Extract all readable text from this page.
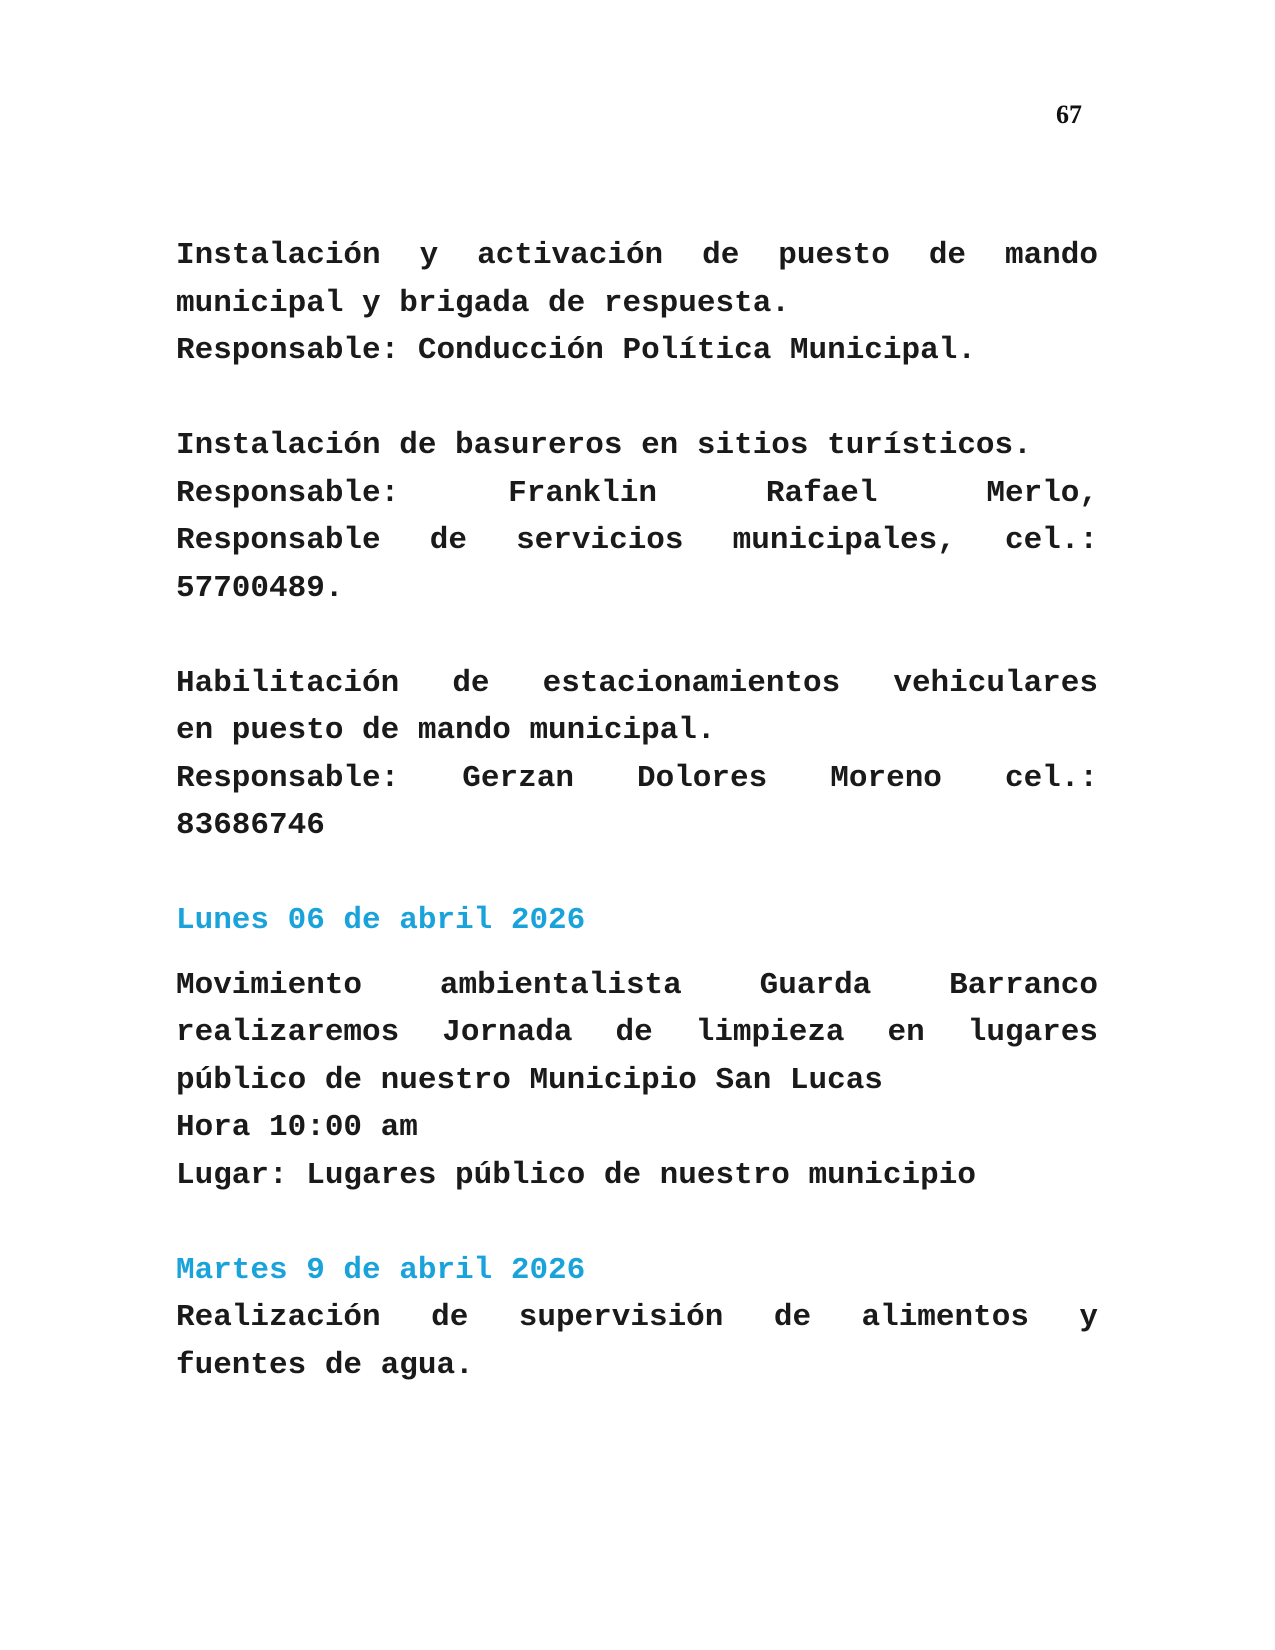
67
Instalación y activación de puesto de mando
municipal y brigada de respuesta.
Responsable: Conducción Política Municipal.
Instalación de basureros en sitios turísticos.
Responsable: Franklin Rafael Merlo,
Responsable de servicios municipales, cel.:
57700489.
Habilitación de estacionamientos vehiculares
en puesto de mando municipal.
Responsable: Gerzan Dolores Moreno cel.:
83686746
Lunes 06 de abril 2026
Movimiento ambientalista Guarda Barranco
realizaremos Jornada de limpieza en lugares
público de nuestro Municipio San Lucas
Hora 10:00 am
Lugar: Lugares público de nuestro municipio
Martes 9 de abril 2026
Realización de supervisión de alimentos y
fuentes de agua.
